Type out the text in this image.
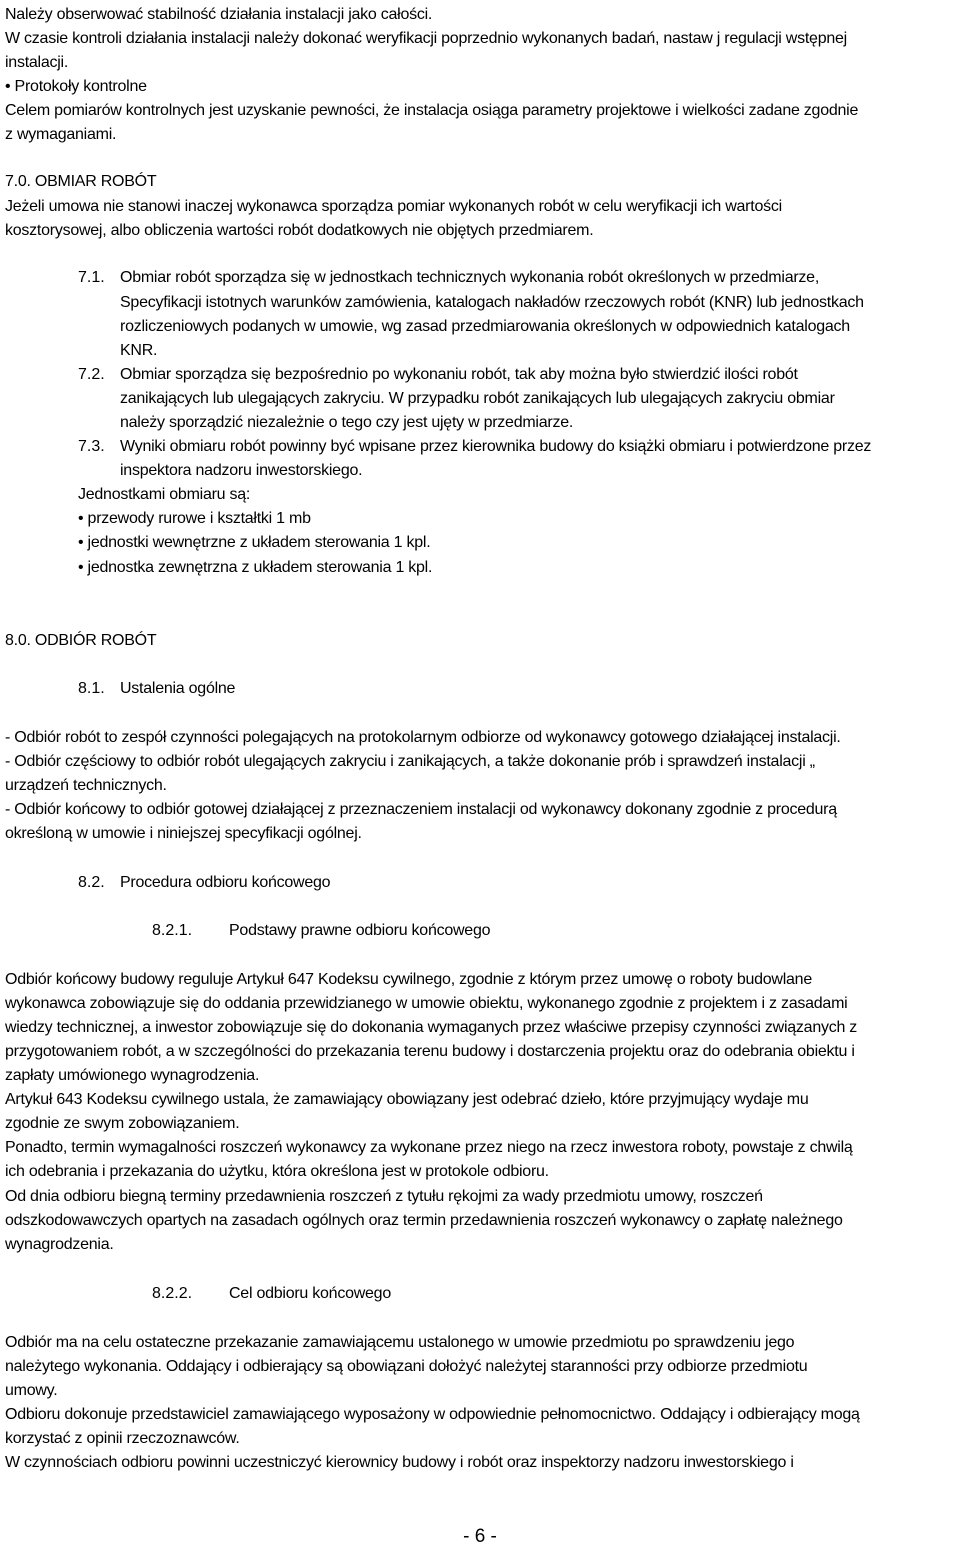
Należy obserwować stabilność działania instalacji jako całości.
W czasie kontroli działania instalacji należy dokonać weryfikacji poprzednio wykonanych badań, nastaw j regulacji wstępnej
instalacji.
• Protokoły kontrolne
Celem pomiarów kontrolnych jest uzyskanie pewności, że instalacja osiąga parametry projektowe i wielkości zadane zgodnie
z wymaganiami.
7.0. OBMIAR ROBÓT
Jeżeli umowa nie stanowi inaczej wykonawca sporządza pomiar wykonanych robót w celu weryfikacji ich wartości
kosztorysowej, albo obliczenia wartości robót dodatkowych nie objętych przedmiarem.
7.1. Obmiar robót sporządza się w jednostkach technicznych wykonania robót określonych w przedmiarze,
Specyfikacji istotnych warunków zamówienia, katalogach nakładów rzeczowych robót (KNR) lub jednostkach
rozliczeniowych podanych w umowie, wg zasad przedmiarowania określonych w odpowiednich katalogach
KNR.
7.2. Obmiar sporządza się bezpośrednio po wykonaniu robót, tak aby można było stwierdzić ilości robót
zanikających lub ulegających zakryciu. W przypadku robót zanikających lub ulegających zakryciu obmiar
należy sporządzić niezależnie o tego czy jest ujęty w przedmiarze.
7.3. Wyniki obmiaru robót powinny być wpisane przez kierownika budowy do książki obmiaru i potwierdzone przez
inspektora nadzoru inwestorskiego.
Jednostkami obmiaru są:
• przewody rurowe i kształtki 1 mb
• jednostki wewnętrzne z układem sterowania 1 kpl.
• jednostka zewnętrzna z układem sterowania 1 kpl.
8.0. ODBIÓR ROBÓT
8.1. Ustalenia ogólne
- Odbiór robót to zespół czynności polegających na protokolarnym odbiorze od wykonawcy gotowego działającej instalacji.
- Odbiór częściowy to odbiór robót ulegających zakryciu i zanikających, a także dokonanie prób i sprawdzeń instalacji „
urządzeń technicznych.
- Odbiór końcowy to odbiór gotowej działającej z przeznaczeniem instalacji od wykonawcy dokonany zgodnie z procedurą
określoną w umowie i niniejszej specyfikacji ogólnej.
8.2. Procedura odbioru końcowego
8.2.1. Podstawy prawne odbioru końcowego
Odbiór końcowy budowy reguluje Artykuł 647 Kodeksu cywilnego, zgodnie z którym przez umowę o roboty budowlane
wykonawca zobowiązuje się do oddania przewidzianego w umowie obiektu, wykonanego zgodnie z projektem i z zasadami
wiedzy technicznej, a inwestor zobowiązuje się do dokonania wymaganych przez właściwe przepisy czynności związanych z
przygotowaniem robót, a w szczególności do przekazania terenu budowy i dostarczenia projektu oraz do odebrania obiektu i
zapłaty umówionego wynagrodzenia.
Artykuł 643 Kodeksu cywilnego ustala, że zamawiający obowiązany jest odebrać dzieło, które przyjmujący wydaje mu
zgodnie ze swym zobowiązaniem.
Ponadto, termin wymagalności roszczeń wykonawcy za wykonane przez niego na rzecz inwestora roboty, powstaje z chwilą
ich odebrania i przekazania do użytku, która określona jest w protokole odbioru.
Od dnia odbioru biegną terminy przedawnienia roszczeń z tytułu rękojmi za wady przedmiotu umowy, roszczeń
odszkodowawczych opartych na zasadach ogólnych oraz termin przedawnienia roszczeń wykonawcy o zapłatę należnego
wynagrodzenia.
8.2.2. Cel odbioru końcowego
Odbiór ma na celu ostateczne przekazanie zamawiającemu ustalonego w umowie przedmiotu po sprawdzeniu jego
należytego wykonania. Oddający i odbierający są obowiązani dołożyć należytej staranności przy odbiorze przedmiotu
umowy.
Odbioru dokonuje przedstawiciel zamawiającego wyposażony w odpowiednie pełnomocnictwo. Oddający i odbierający mogą
korzystać z opinii rzeczoznawców.
W czynnościach odbioru powinni uczestniczyć kierownicy budowy i robót oraz inspektorzy nadzoru inwestorskiego i
- 6 -
